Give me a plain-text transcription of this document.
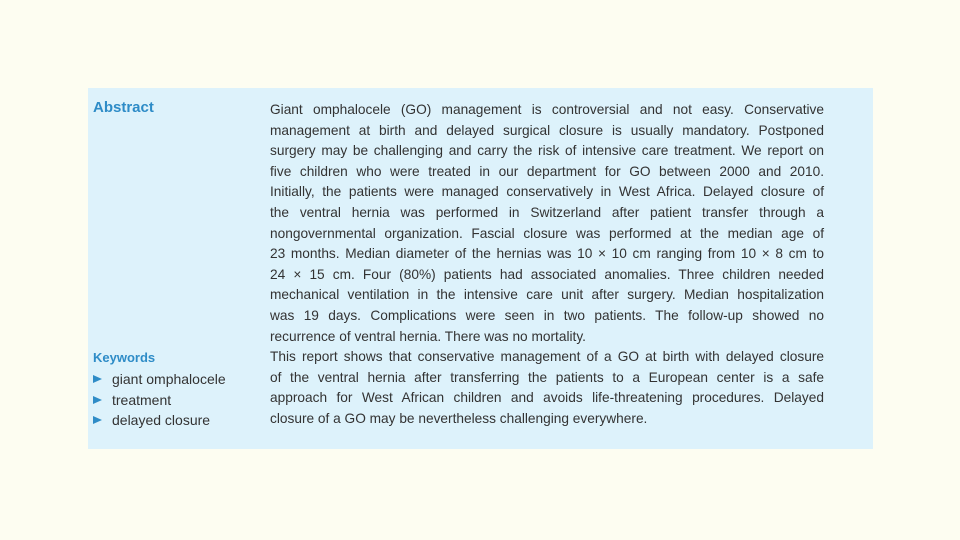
Abstract
Keywords
giant omphalocele
treatment
delayed closure

Giant omphalocele (GO) management is controversial and not easy. Conservative
management at birth and delayed surgical closure is usually mandatory. Postponed
surgery may be challenging and carry the risk of intensive care treatment. We report on
five children who were treated in our department for GO between 2000 and 2010.
Initially, the patients were managed conservatively in West Africa. Delayed closure of
the ventral hernia was performed in Switzerland after patient transfer through a
nongovernmental organization. Fascial closure was performed at the median age of
23 months. Median diameter of the hernias was 10 × 10 cm ranging from 10 × 8 cm to
24 × 15 cm. Four (80%) patients had associated anomalies. Three children needed
mechanical ventilation in the intensive care unit after surgery. Median hospitalization
was 19 days. Complications were seen in two patients. The follow-up showed no
recurrence of ventral hernia. There was no mortality.

This report shows that conservative management of a GO at birth with delayed closure
of the ventral hernia after transferring the patients to a European center is a safe
approach for West African children and avoids life-threatening procedures. Delayed
closure of a GO may be nevertheless challenging everywhere.
